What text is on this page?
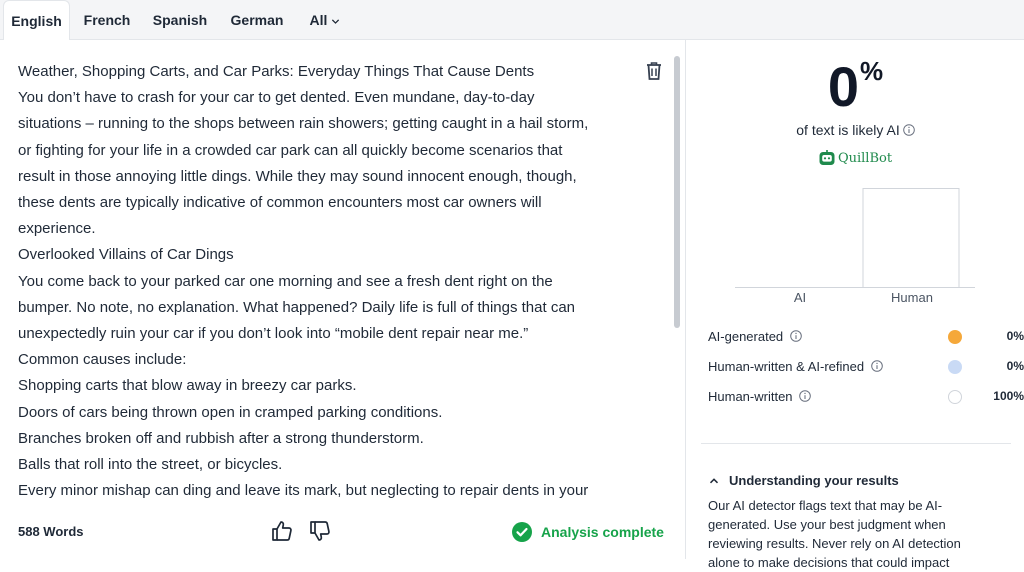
English	French	Spanish	German	All

Weather, Shopping Carts, and Car Parks: Everyday Things That Cause Dents

You don’t have to crash for your car to get dented. Even mundane, day-to-day

situations – running to the shops between rain showers; getting caught in a hail storm,

or fighting for your life in a crowded car park can all quickly become scenarios that

result in those annoying little dings. While they may sound innocent enough, though,

these dents are typically indicative of common encounters most car owners will

experience.

Overlooked Villains of Car Dings

You come back to your parked car one morning and see a fresh dent right on the

bumper. No note, no explanation. What happened? Daily life is full of things that can

unexpectedly ruin your car if you don’t look into “mobile dent repair near me.”

Common causes include:

Shopping carts that blow away in breezy car parks.

Doors of cars being thrown open in cramped parking conditions.

Branches broken off and rubbish after a strong thunderstorm.

Balls that roll into the street, or bicycles.

Every minor mishap can ding and leave its mark, but neglecting to repair dents in your

588 Words	Analysis complete
0%
of text is likely AI
QuillBot
AI	Human
AI-generated	0%
Human-written & AI-refined	0%
Human-written	100%
Understanding your results
Our AI detector flags text that may be AI-generated. Use your best judgment when reviewing results. Never rely on AI detection alone to make decisions that could impact
